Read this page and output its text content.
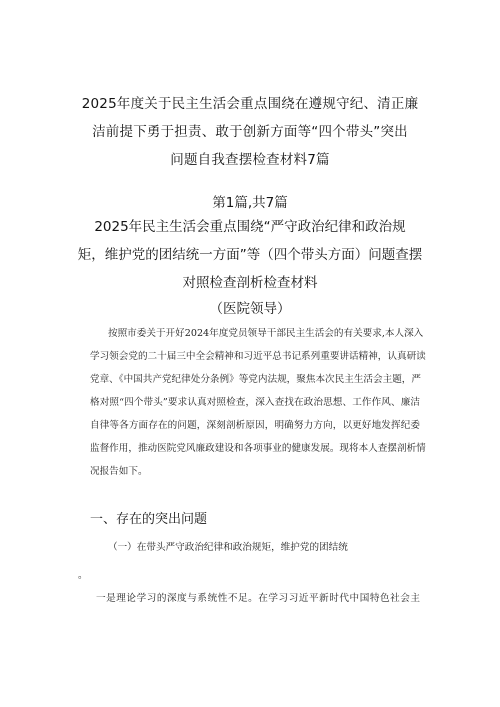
2025年度关于民主生活会重点围绕在遵规守纪、清正廉
洁前提下勇于担责、敢于创新方面等“四个带头”突出
问题自我查摆检查材料7篇
第1篇,共7篇
2025年民主生活会重点围绕“严守政治纪律和政治规
矩，维护党的团结统一方面”等（四个带头方面）问题查摆
对照检查剖析检查材料
（医院领导）
按照市委关于开好2024年度党员领导干部民主生活会的有关要求,本人深入
学习领会党的二十届三中全会精神和习近平总书记系列重要讲话精神，认真研读
党章、《中国共产党纪律处分条例》等党内法规，聚焦本次民主生活会主题，严
格对照“四个带头”要求认真对照检查，深入查找在政治思想、工作作风、廉洁
自律等各方面存在的问题，深刻剖析原因，明确努力方向，以更好地发挥纪委
监督作用，推动医院党风廉政建设和各项事业的健康发展。现将本人查摆剖析情
况报告如下。
一、存在的突出问题
（一）在带头严守政治纪律和政治规矩，维护党的团结统
。
一是理论学习的深度与系统性不足。在学习习近平新时代中国特色社会主
